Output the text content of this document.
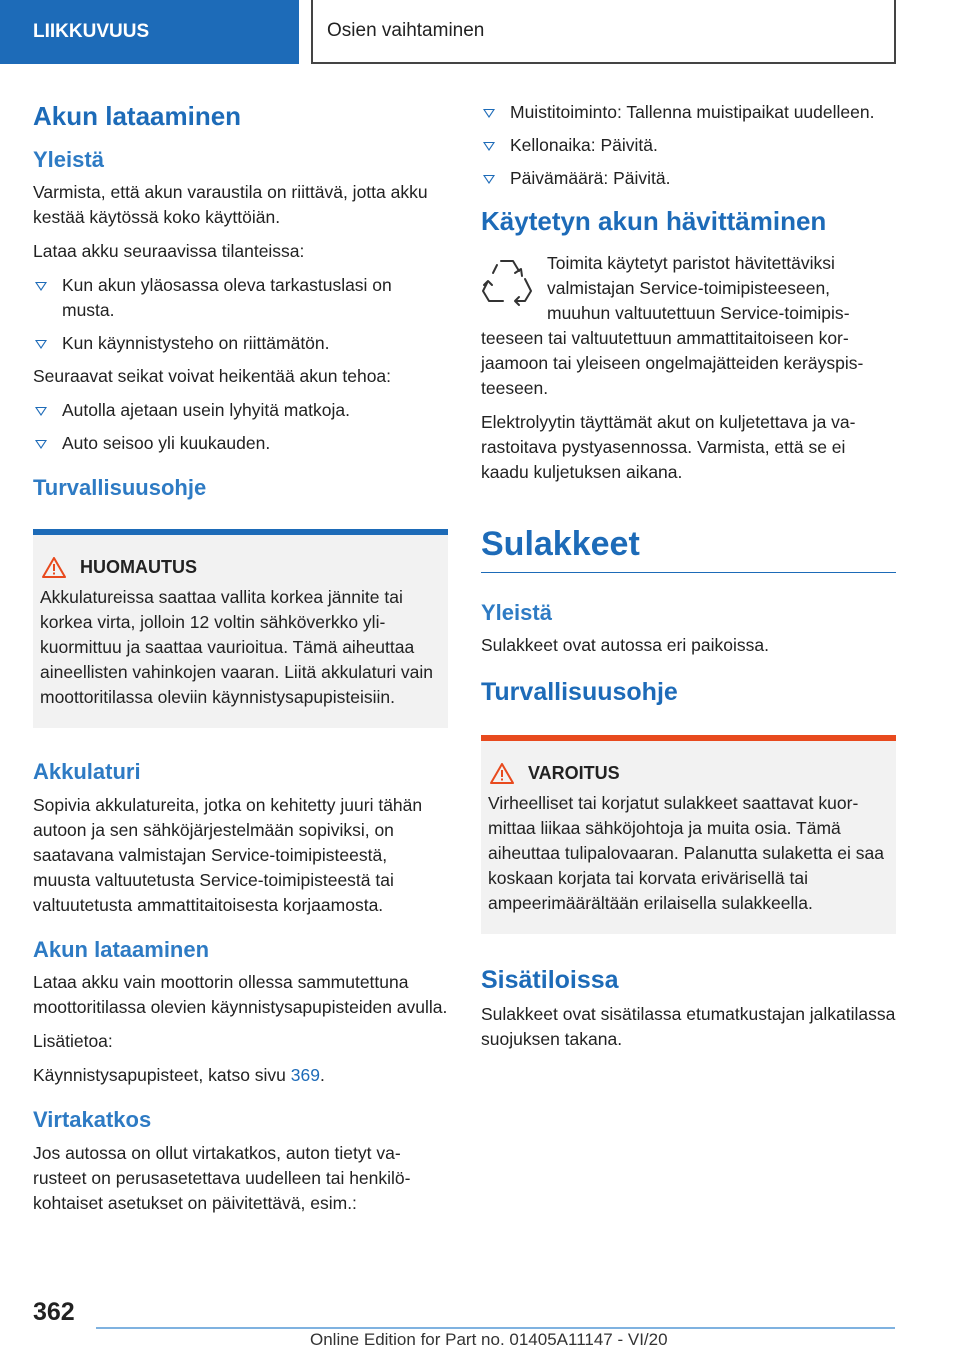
LIIKKUVUUS	Osien vaihtaminen
Akun lataaminen
Yleistä

Varmista, että akun varaustila on riittävä, jotta akku kestää käytössä koko käyttöiän.

Lataa akku seuraavissa tilanteissa:

Kun akun yläosassa oleva tarkastuslasi on musta.
Kun käynnistysteho on riittämätön.

Seuraavat seikat voivat heikentää akun tehoa:

Autolla ajetaan usein lyhyitä matkoja.
Auto seisoo yli kuukauden.
Turvallisuusohje
HUOMAUTUS

Akkulatureissa saattaa vallita korkea jännite tai korkea virta, jolloin 12 voltin sähköverkko ylikuormittuu ja saattaa vaurioitua. Tämä aiheuttaa aineellisten vahinkojen vaaran. Liitä akkulaturi vain moottoritilassa oleviin käynnistysapupisteisiin.

Akkulaturi

Sopivia akkulatureita, jotka on kehitetty juuri tähän autoon ja sen sähköjärjestelmään sopiviksi, on saatavana valmistajan Service-toimipisteestä, muusta valtuutetusta Service-toimipisteestä tai valtuutetusta ammattitaitoisesta korjaamosta.

Akun lataaminen

Lataa akku vain moottorin ollessa sammutettuna moottoritilassa olevien käynnistysapupisteiden avulla.

Lisätietoa:

Käynnistysapupisteet, katso sivu 369.

Virtakatkos

Jos autossa on ollut virtakatkos, auton tietyt varusteet on perusasetettava uudelleen tai henkilökohtaiset asetukset on päivitettävä, esim.:

Muistitoiminto: Tallenna muistipaikat uudelleen.
Kellonaika: Päivitä.
Päivämäärä: Päivitä.
Käytetyn akun hävittäminen

Toimita käytetyt paristot hävitettäviksi valmistajan Service-toimipisteeseen, muuhun valtuutettuun Service-toimipisteeseen tai valtuutettuun ammattitaitoiseen korjaamoon tai yleiseen ongelmajätteiden keräyspisteeseen.

Elektrolyytin täyttämät akut on kuljetettava ja varastoitava pystyasennossa. Varmista, että se ei kaadu kuljetuksen aikana.

Sulakkeet
Yleistä

Sulakkeet ovat autossa eri paikoissa.

Turvallisuusohje
VAROITUS

Virheelliset tai korjatut sulakkeet saattavat kuormittaa liikaa sähköjohtoja ja muita osia. Tämä aiheuttaa tulipalovaaran. Palanutta sulaketta ei saa koskaan korjata tai korvata erivärisellä tai ampeerimäärältään erilaisella sulakkeella.

Sisätiloissa

Sulakkeet ovat sisätilassa etumatkustajan jalkatilassa suojuksen takana.

362
Online Edition for Part no. 01405A11147 - VI/20
